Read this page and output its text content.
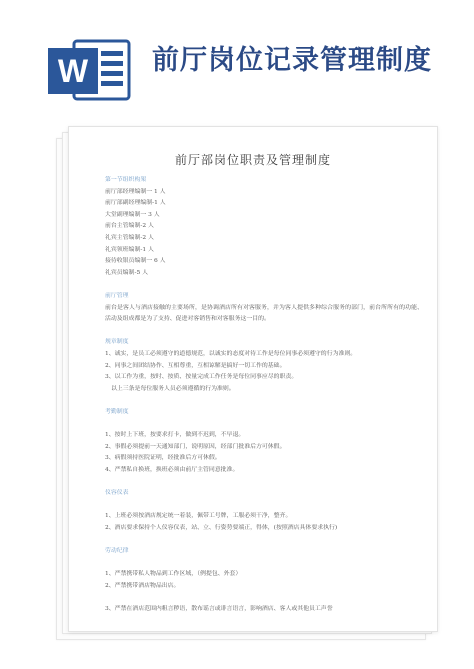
W 前厅岗位记录管理制度
前厅部岗位职责及管理制度

第一节组织构架

前厅部经理编制一 1 人

前厅部副经理编制-1 人

大堂副理编制一 3 人

前台主管编制-2 人

礼宾主管编制-2 人

礼宾领班编制-1 人

接待收银员编制一 6 人

礼宾员编制-5 人

前厅管理

前台是客人与酒店接触的主要场所，是协调酒店所有对客服务，并为客人提供多种综合服务的部门，前台所所有的功能、活动及组成都是为了支持、促进对客销售和对客服务这一目的。

规章制度

1、诚实，是员工必须遵守的道德规范，以诚实的态度对待工作是每位同事必须遵守的行为准则。

2、同事之间团结协作、互相尊重，互相谅解是搞好一切工作的基础。

3、以工作为重，按时、按质、按量完成工作任务是每位同事应尽的职责。

以上三条是每位服务人员必须遵循的行为准则。

考勤制度

1、按时上下班，按要求打卡，做到不迟到，不早退。

2、事假必须提前一天通知部门，说明原因，经部门批准后方可休假。

3、病假须持医院证明，经批准后方可休假。

4、严禁私自换班，换班必须由前厅主管同意批准。

仪容仪表

1、上班必须按酒店规定统一着装，佩带工号牌，工服必须干净，整齐。

2、酒店要求保持个人仪容仪表，站、立、行姿势要端正，得体，(按照酒店具体要求执行)

劳动纪律

1、严禁携带私人物品到工作区域，（例提包、外套）

2、严禁携带酒店物品出店。

3、严禁在酒店范围内粗言秽语，散布谣言或诽言语言，影响酒店、客人或其他员工声誉
